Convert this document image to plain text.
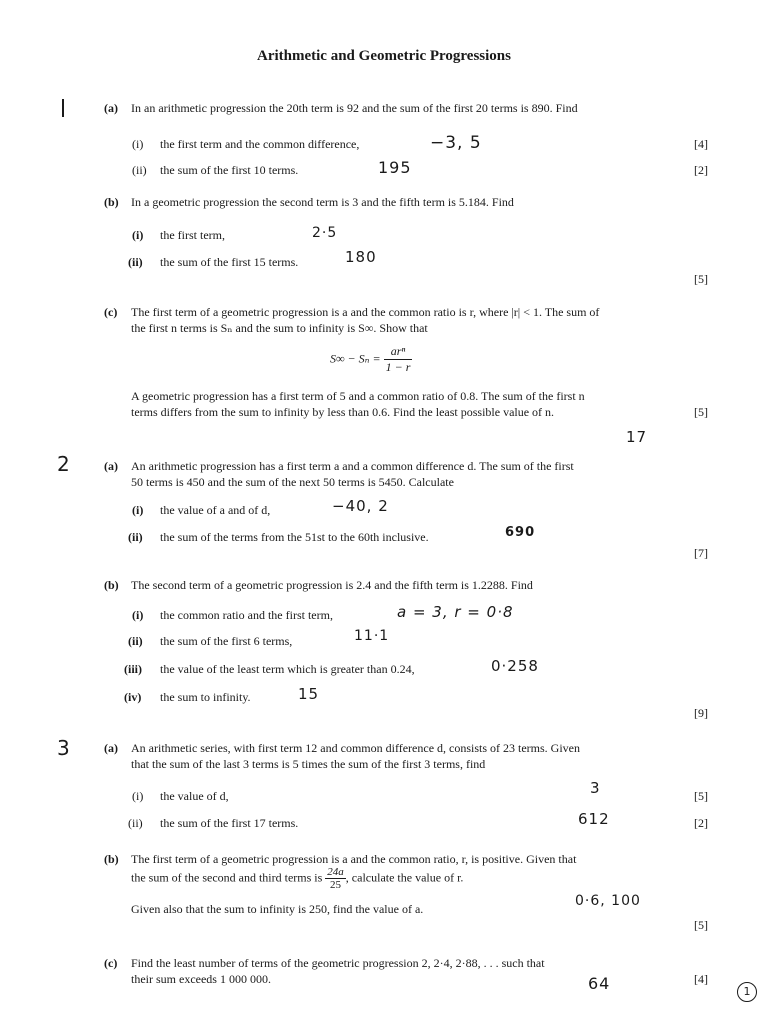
Arithmetic and Geometric Progressions
(a) In an arithmetic progression the 20th term is 92 and the sum of the first 20 terms is 890. Find
(i) the first term and the common difference,	−3, 5	[4]
(ii) the sum of the first 10 terms.	195	[2]
(b) In a geometric progression the second term is 3 and the fifth term is 5.184. Find
(i) the first term,	2·5
(ii) the sum of the first 15 terms.	180
[5]
(c) The first term of a geometric progression is a and the common ratio is r, where |r| < 1. The sum of
the first n terms is Sₙ and the sum to infinity is S∞. Show that
$S\infty - S_n = \frac{\text{arⁿ}}{1 - r}$
A geometric progression has a first term of 5 and a common ratio of 0.8. The sum of the first n
terms differs from the sum to infinity by less than 0.6. Find the least possible value of n.	[5]
17
2	(a) An arithmetic progression has a first term a and a common difference d. The sum of the first
50 terms is 450 and the sum of the next 50 terms is 5450. Calculate
(i) the value of a and of d,	−40, 2
(ii) the sum of the terms from the 51st to the 60th inclusive.	690
[7]
(b) The second term of a geometric progression is 2.4 and the fifth term is 1.2288. Find
(i) the common ratio and the first term,	a = 3, r = 0·8
(ii) the sum of the first 6 terms,	11·1
(iii) the value of the least term which is greater than 0.24,	0·258
(iv) the sum to infinity.	15
[9]
3	(a) An arithmetic series, with first term 12 and common difference d, consists of 23 terms. Given
that the sum of the last 3 terms is 5 times the sum of the first 3 terms, find
(i) the value of d,	3	[5]
(ii) the sum of the first 17 terms.	612	[2]
(b) The first term of a geometric progression is a and the common ratio, r, is positive. Given that
the sum of the second and third terms is $\frac{24a}{25}$ , calculate the value of r.
Given also that the sum to infinity is 250, find the value of a.	0·6, 100
[5]
(c) Find the least number of terms of the geometric progression 2, 2·4, 2·88, . . . such that
their sum exceeds 1 000 000.	[4]
64	1
